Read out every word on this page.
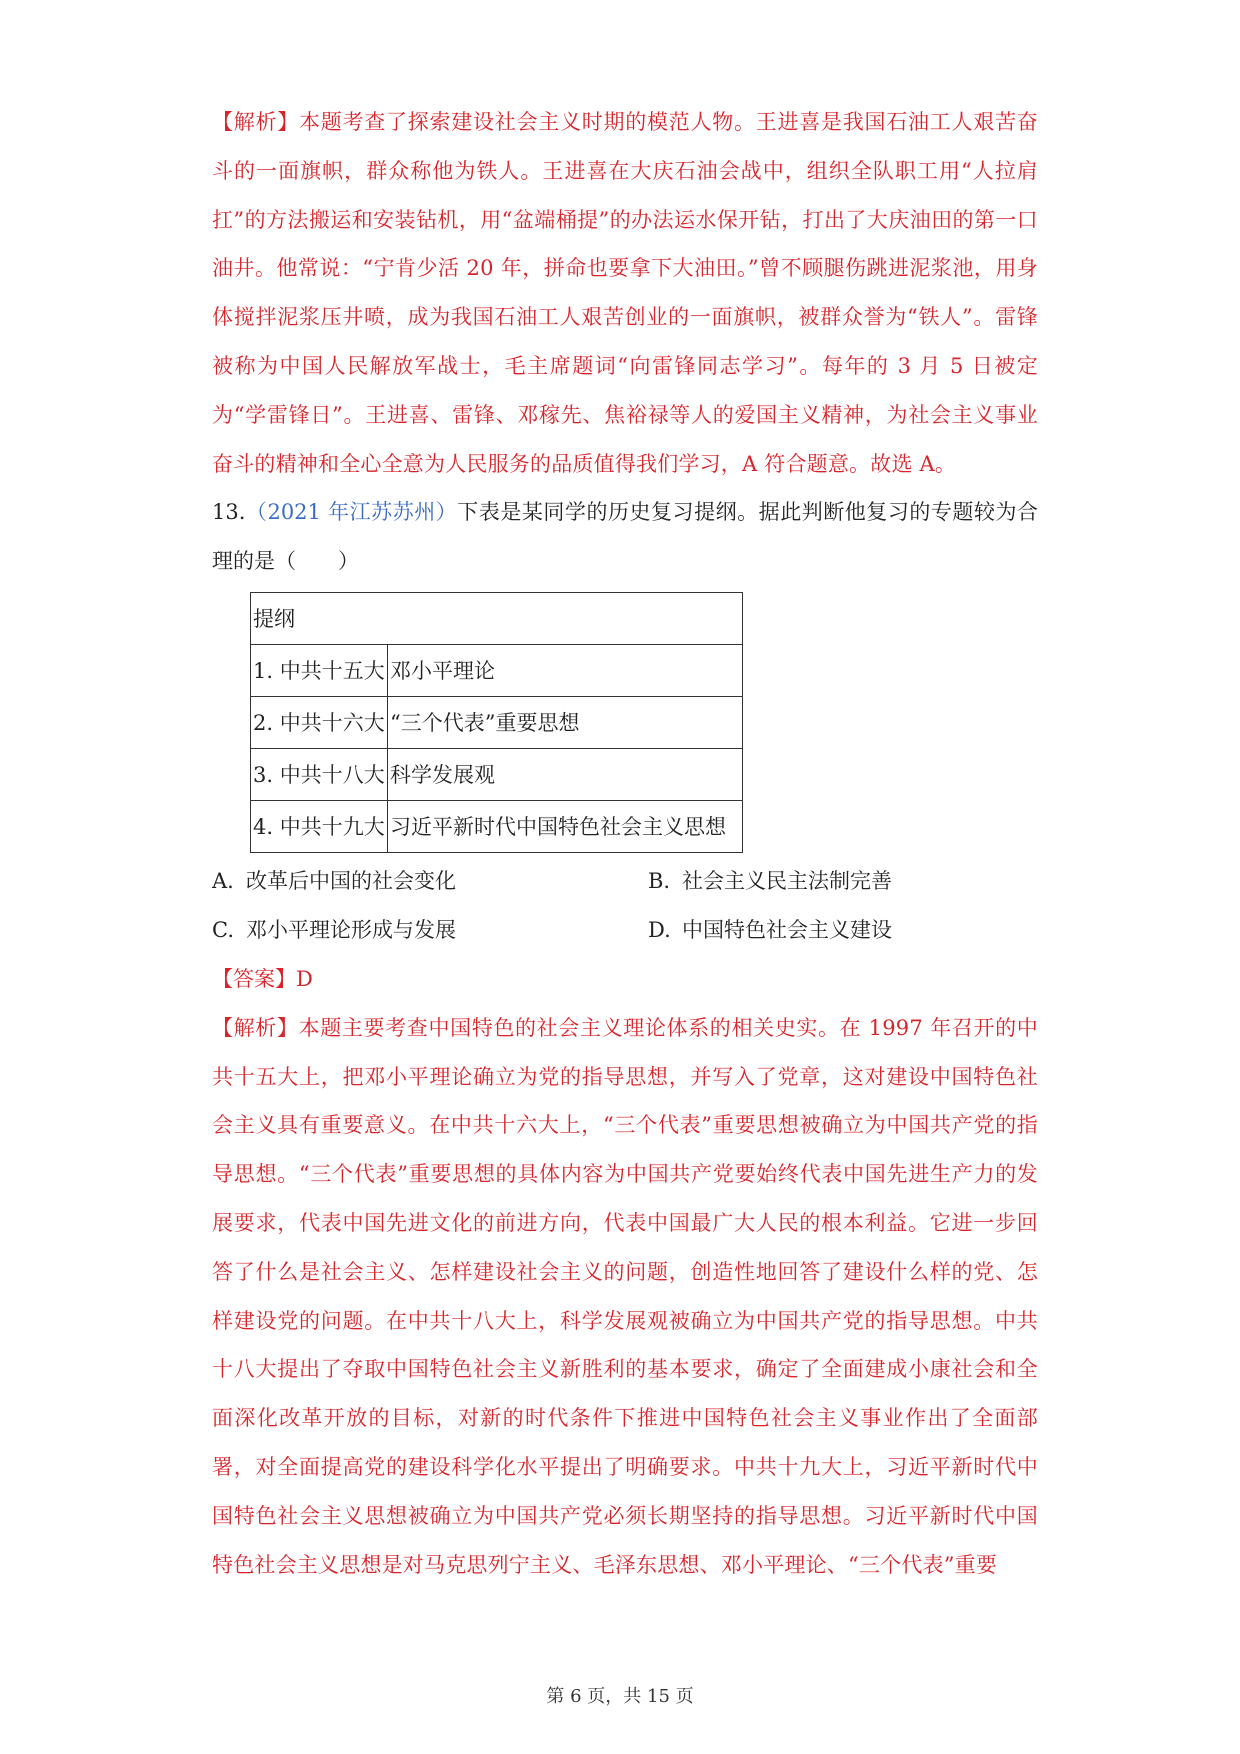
【解析】本题考查了探索建设社会主义时期的模范人物。王进喜是我国石油工人艰苦奋斗的一面旗帜，群众称他为铁人。王进喜在大庆石油会战中，组织全队职工用“人拉肩扛”的方法搬运和安装钻机，用“盆端桶提”的办法运水保开钻，打出了大庆油田的第一口油井。他常说：“宁肯少活 20 年，拼命也要拿下大油田。”曾不顾腿伤跳进泥浆池，用身体搅拌泥浆压井喷，成为我国石油工人艰苦创业的一面旗帜，被群众誉为“铁人”。雷锋被称为中国人民解放军战士，毛主席题词“向雷锋同志学习”。每年的 3 月 5 日被定为“学雷锋日”。王进喜、雷锋、邓稼先、焦裕禄等人的爱国主义精神，为社会主义事业奋斗的精神和全心全意为人民服务的品质值得我们学习，A 符合题意。故选 A。

13.（2021 年江苏苏州）下表是某同学的历史复习提纲。据此判断他复习的专题较为合理的是（　　）

提纲	
1. 中共十五大	邓小平理论
2. 中共十六大	“三个代表”重要思想
3. 中共十八大	科学发展观
4. 中共十九大	习近平新时代中国特色社会主义思想
A. 改革后中国的社会变化	B. 社会主义民主法制完善
C. 邓小平理论形成与发展	D. 中国特色社会主义建设

【答案】D

【解析】本题主要考查中国特色的社会主义理论体系的相关史实。在 1997 年召开的中共十五大上，把邓小平理论确立为党的指导思想，并写入了党章，这对建设中国特色社会主义具有重要意义。在中共十六大上，“三个代表”重要思想被确立为中国共产党的指导思想。“三个代表”重要思想的具体内容为中国共产党要始终代表中国先进生产力的发展要求，代表中国先进文化的前进方向，代表中国最广大人民的根本利益。它进一步回答了什么是社会主义、怎样建设社会主义的问题，创造性地回答了建设什么样的党、怎样建设党的问题。在中共十八大上，科学发展观被确立为中国共产党的指导思想。中共十八大提出了夺取中国特色社会主义新胜利的基本要求，确定了全面建成小康社会和全面深化改革开放的目标，对新的时代条件下推进中国特色社会主义事业作出了全面部署，对全面提高党的建设科学化水平提出了明确要求。中共十九大上，习近平新时代中国特色社会主义思想被确立为中国共产党必须长期坚持的指导思想。习近平新时代中国特色社会主义思想是对马克思列宁主义、毛泽东思想、邓小平理论、“三个代表”重要

第 6 页，共 15 页
